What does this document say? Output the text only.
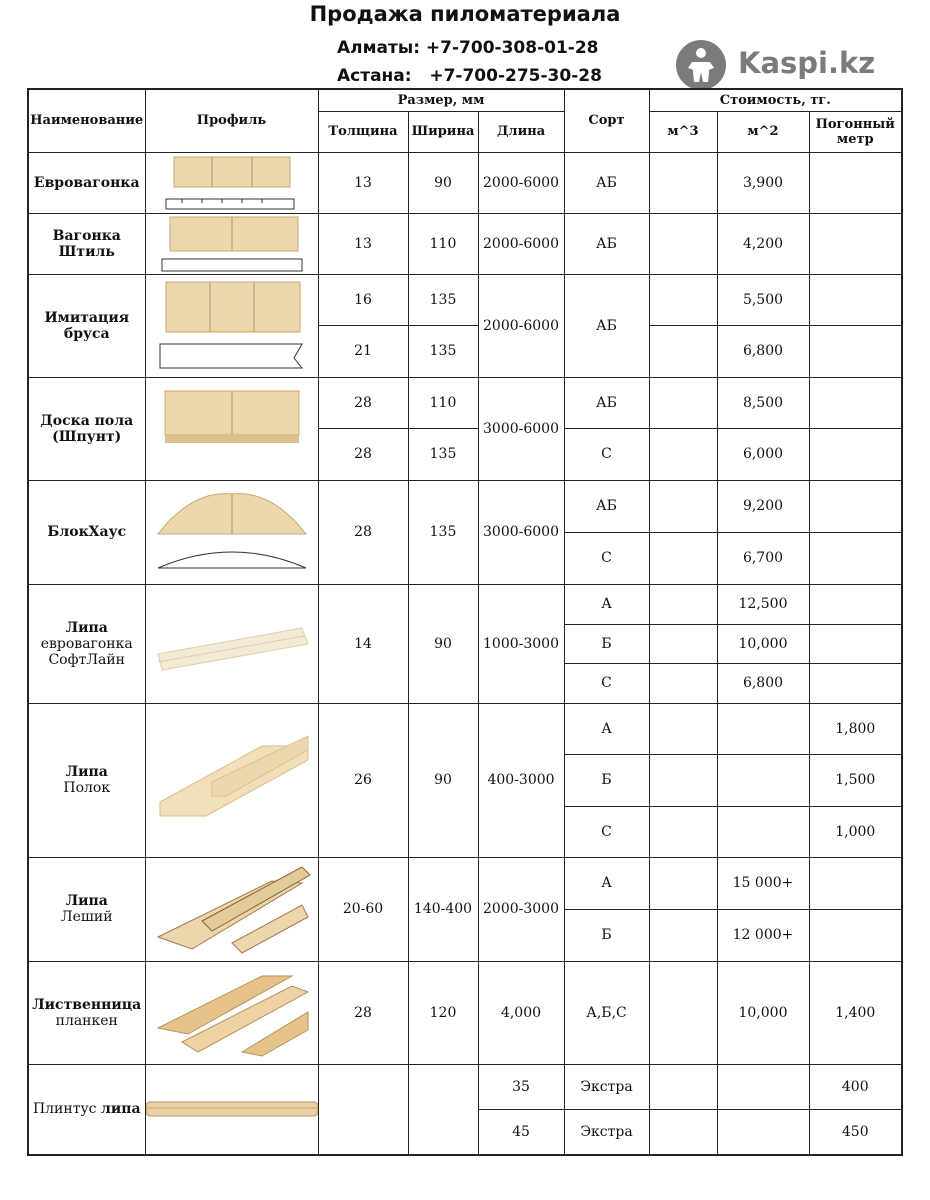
Продажа пиломатериала
Алматы: +7-700-308-01-28
Астана:   +7-700-275-30-28	Kaspi.kz
Наименование	Профиль	Размер, мм			Сорт	Стоимость, тг.		
		Толщина	Ширина	Длина		м^3	м^2	Погонный метр

Евровагонка		13	90	2000-6000	АБ		3,900	

Вагонка Штиль		13	110	2000-6000	АБ		4,200	

Имитация бруса		16	135	2000-6000	АБ		5,500	
		21	135				6,800	

Доска пола (Шпунт)		28	110	3000-6000	АБ		8,500	
		28	135		С		6,000	

БлокХаус		28	135	3000-6000	АБ		9,200	
					С		6,700	

Липа
евровагонка СофтЛайн		14	90	1000-3000	А		12,500	
					Б		10,000	
					С		6,800	

Липа
Полок		26	90	400-3000	А			1,800
					Б			1,500
					С			1,000

Липа
Леший		20-60	140-400	2000-3000	А		15 000+	
					Б		12 000+	

Лиственница
планкен		28	120	4,000	А,Б,С		10,000	1,400
Плинтус липа				35	Экстра			400
				45	Экстра			450
